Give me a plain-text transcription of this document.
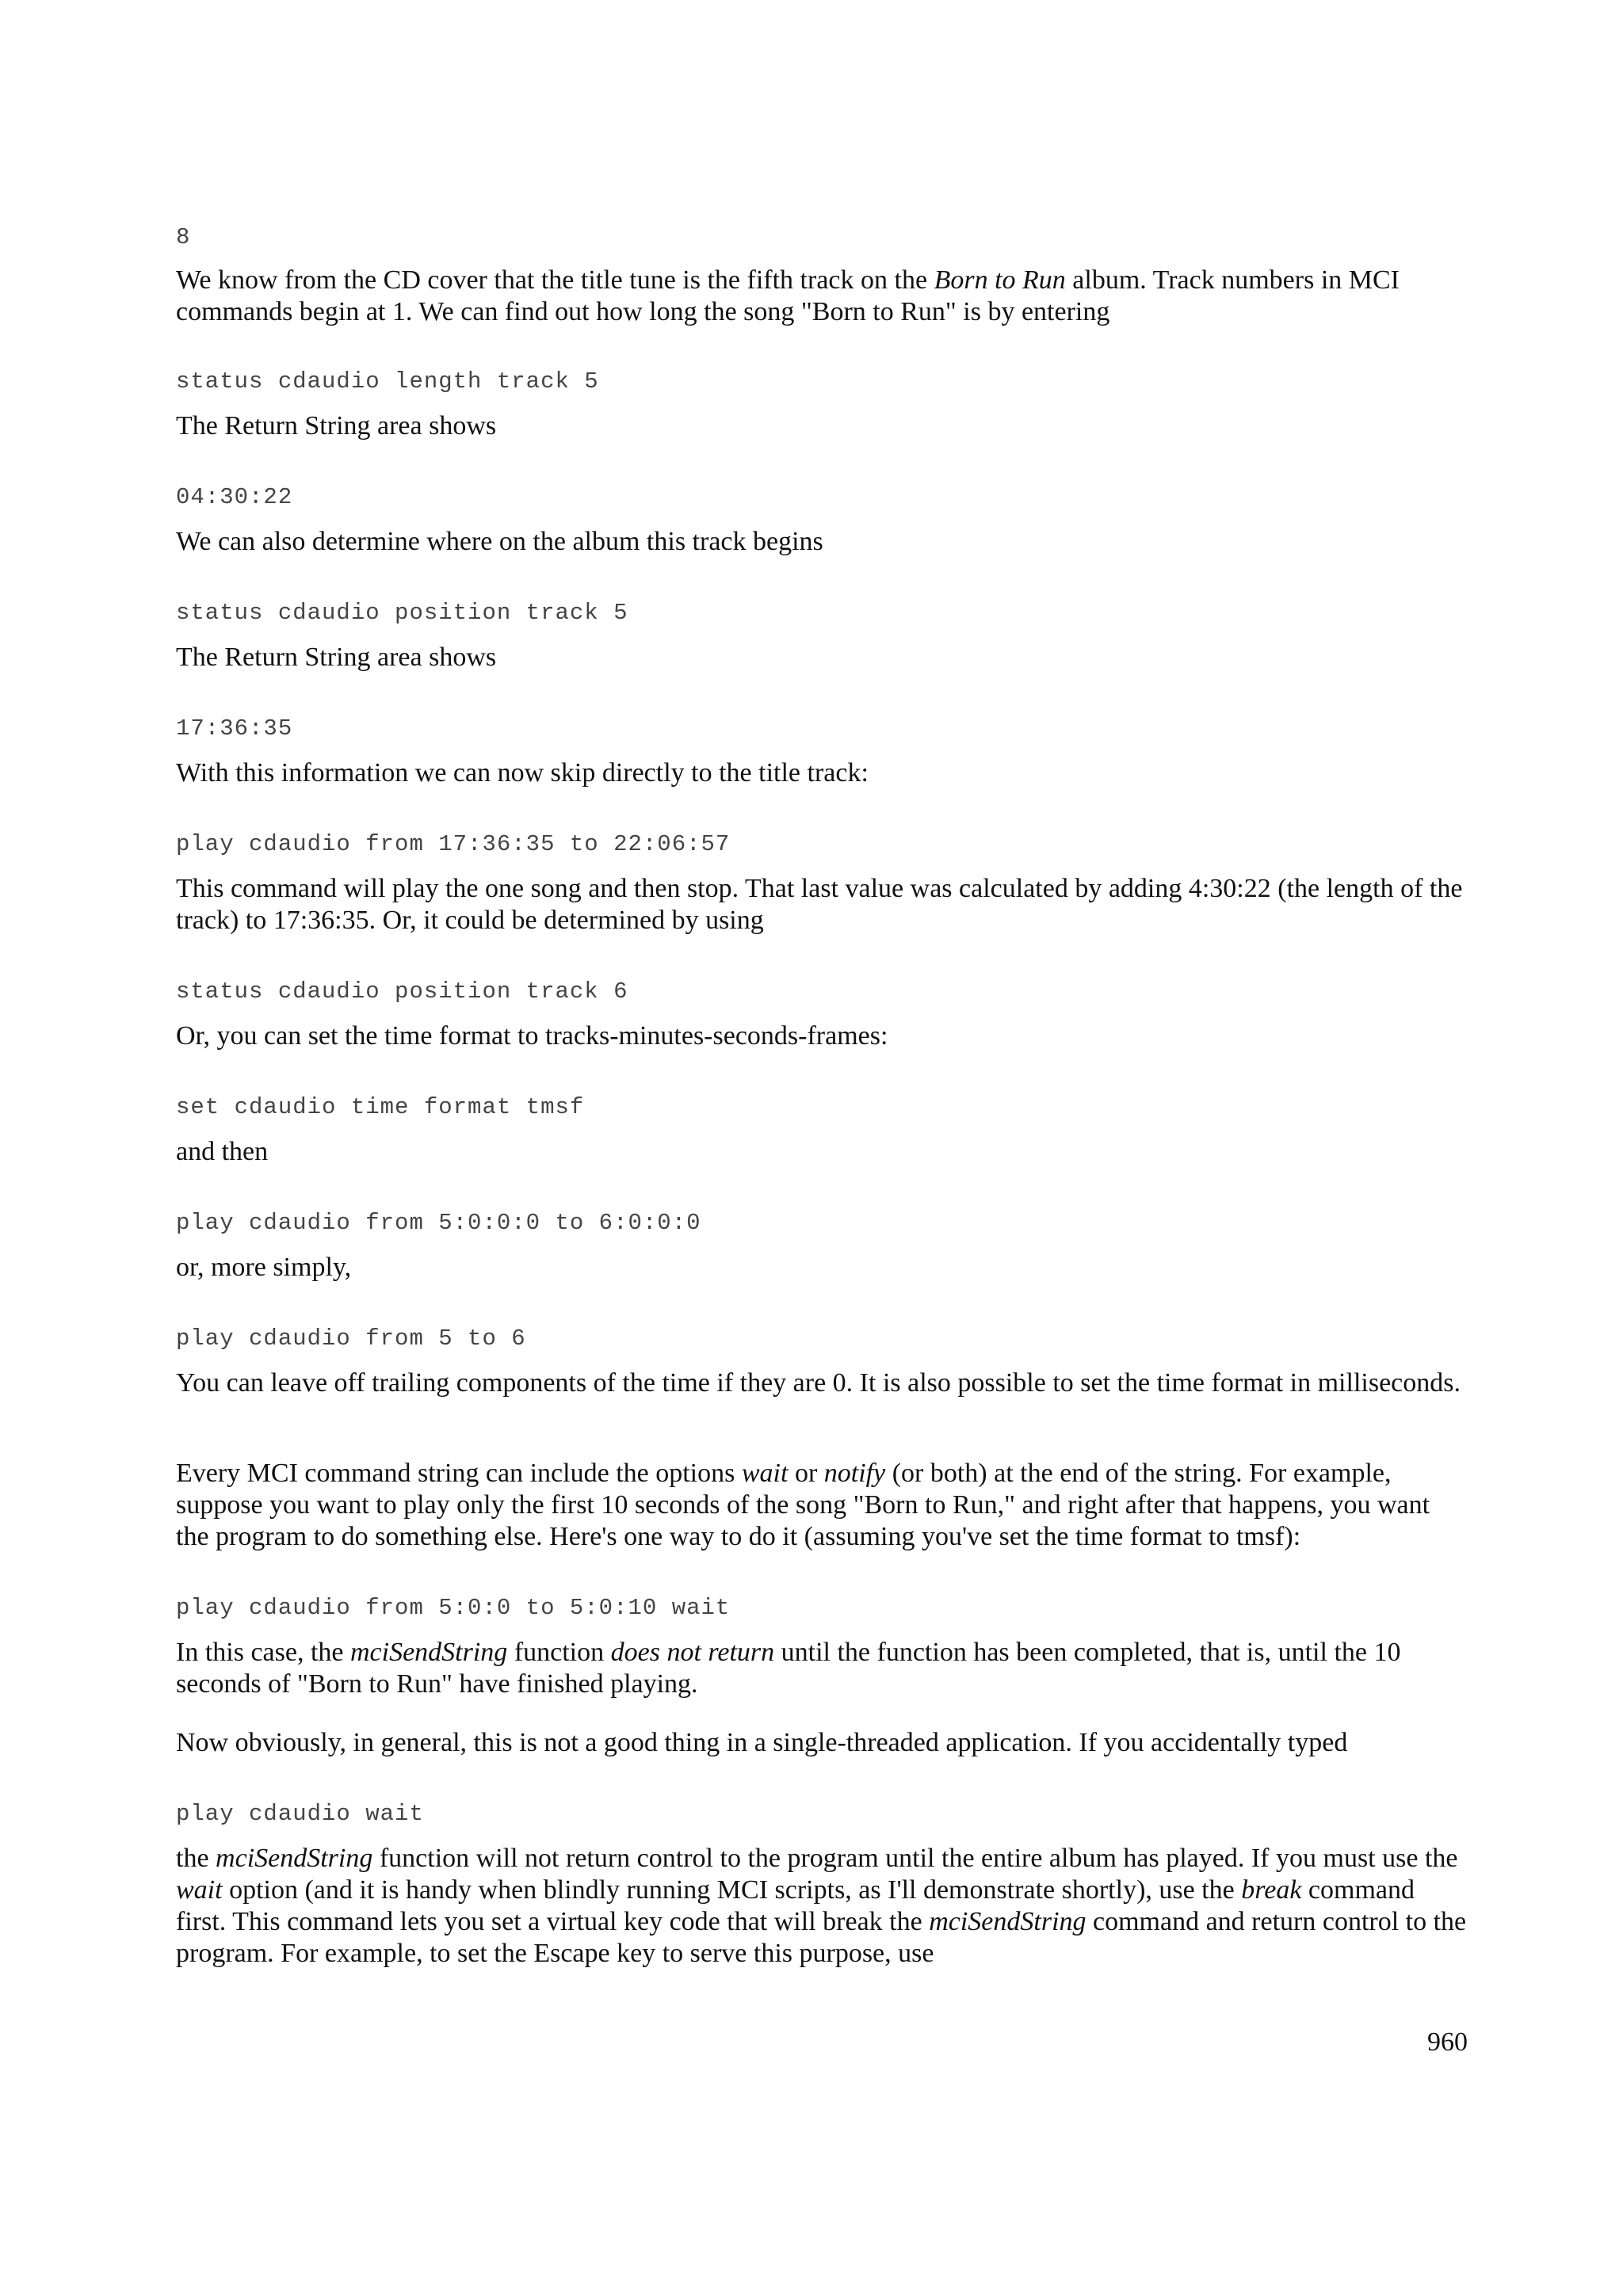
8

We know from the CD cover that the title tune is the fifth track on the Born to Run album. Track numbers in MCI commands begin at 1. We can find out how long the song "Born to Run" is by entering

status cdaudio length track 5

The Return String area shows

04:30:22

We can also determine where on the album this track begins

status cdaudio position track 5

The Return String area shows

17:36:35

With this information we can now skip directly to the title track:

play cdaudio from 17:36:35 to 22:06:57

This command will play the one song and then stop. That last value was calculated by adding 4:30:22 (the length of the track) to 17:36:35. Or, it could be determined by using

status cdaudio position track 6

Or, you can set the time format to tracks-minutes-seconds-frames:

set cdaudio time format tmsf

and then

play cdaudio from 5:0:0:0 to 6:0:0:0

or, more simply,

play cdaudio from 5 to 6

You can leave off trailing components of the time if they are 0. It is also possible to set the time format in milliseconds.

Every MCI command string can include the options wait or notify (or both) at the end of the string. For example, suppose you want to play only the first 10 seconds of the song "Born to Run," and right after that happens, you want the program to do something else. Here's one way to do it (assuming you've set the time format to tmsf):

play cdaudio from 5:0:0 to 5:0:10 wait

In this case, the mciSendString function does not return until the function has been completed, that is, until the 10 seconds of "Born to Run" have finished playing.

Now obviously, in general, this is not a good thing in a single-threaded application. If you accidentally typed

play cdaudio wait

the mciSendString function will not return control to the program until the entire album has played. If you must use the wait option (and it is handy when blindly running MCI scripts, as I'll demonstrate shortly), use the break command first. This command lets you set a virtual key code that will break the mciSendString command and return control to the program. For example, to set the Escape key to serve this purpose, use

960
